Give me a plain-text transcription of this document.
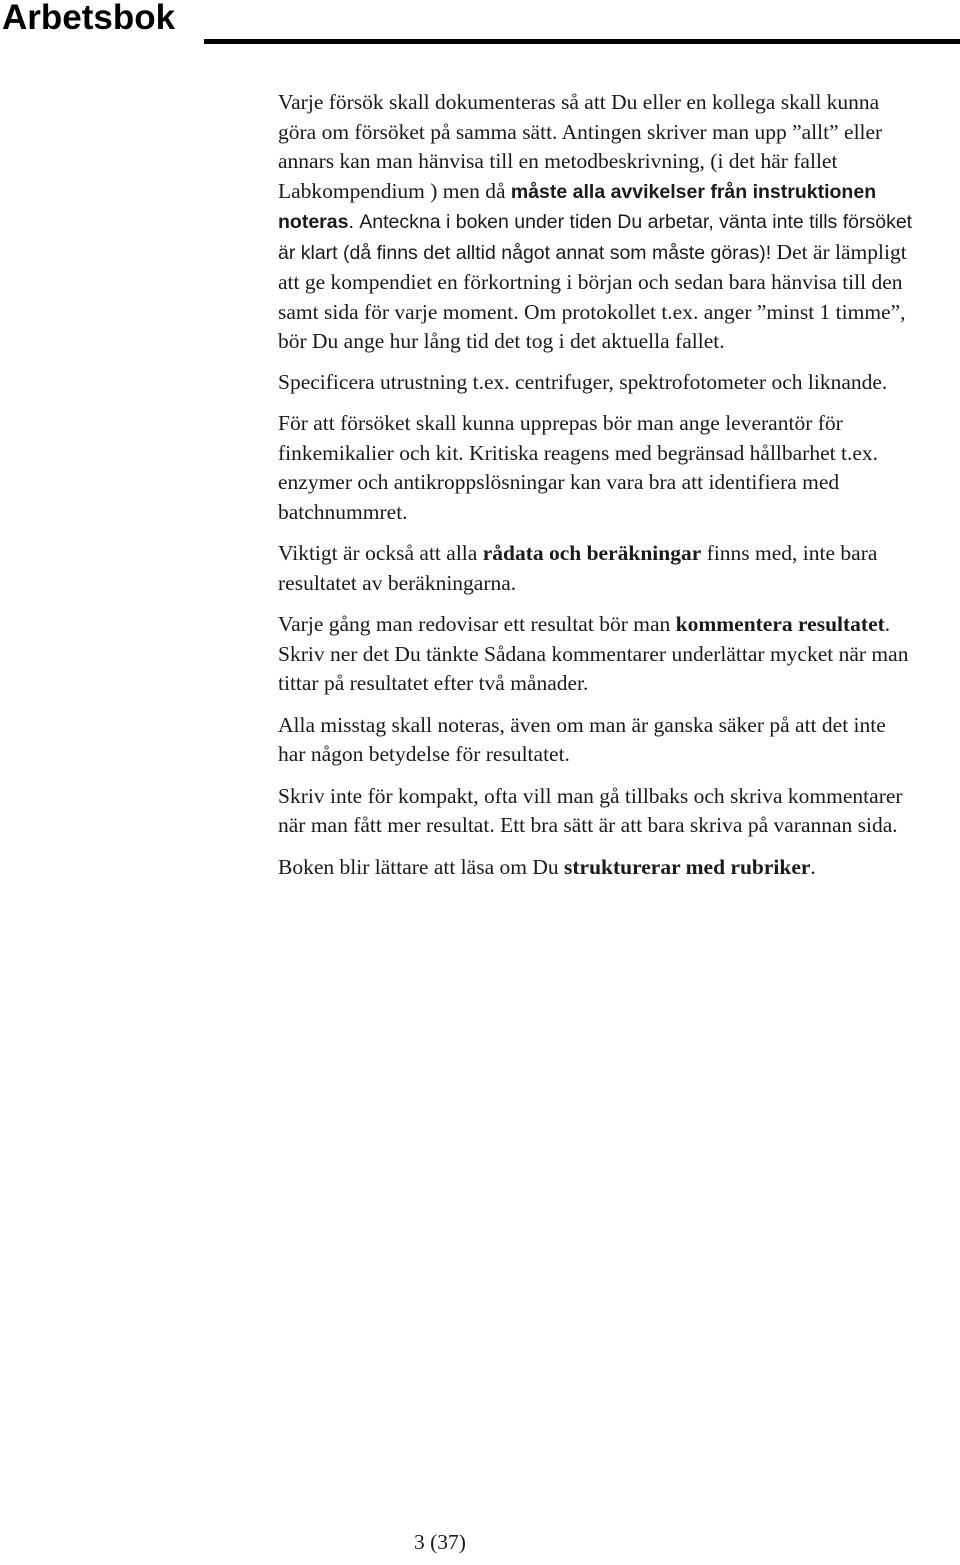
Arbetsbok

Varje försök skall dokumenteras så att Du eller en kollega skall kunna göra om försöket på samma sätt. Antingen skriver man upp ”allt” eller annars kan man hänvisa till en metodbeskrivning, (i det här fallet Labkompendium ) men då måste alla avvikelser från instruktionen noteras. Anteckna i boken under tiden Du arbetar, vänta inte tills försöket är klart (då finns det alltid något annat som måste göras)! Det är lämpligt att ge kompendiet en förkortning i början och sedan bara hänvisa till den samt sida för varje moment. Om protokollet t.ex. anger ”minst 1 timme”, bör Du ange hur lång tid det tog i det aktuella fallet.

Specificera utrustning t.ex. centrifuger, spektrofotometer och liknande.

För att försöket skall kunna upprepas bör man ange leverantör för finkemikalier och kit. Kritiska reagens med begränsad hållbarhet t.ex. enzymer och antikroppslösningar kan vara bra att identifiera med batchnummret.

Viktigt är också att alla rådata och beräkningar finns med, inte bara resultatet av beräkningarna.

Varje gång man redovisar ett resultat bör man kommentera resultatet. Skriv ner det Du tänkte Sådana kommentarer underlättar mycket när man tittar på resultatet efter två månader.

Alla misstag skall noteras, även om man är ganska säker på att det inte har någon betydelse för resultatet.

Skriv inte för kompakt, ofta vill man gå tillbaks och skriva kommentarer när man fått mer resultat. Ett bra sätt är att bara skriva på varannan sida.

Boken blir lättare att läsa om Du strukturerar med rubriker.

3 (37)
